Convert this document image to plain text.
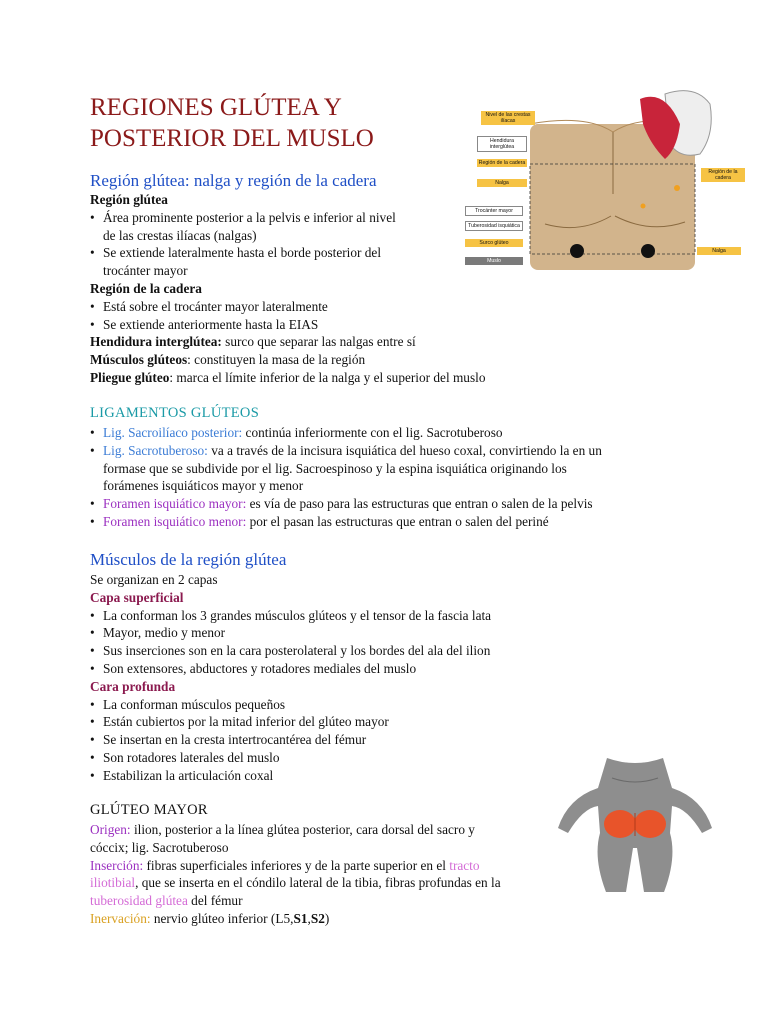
REGIONES GLÚTEA Y POSTERIOR DEL MUSLO
Nivel de las crestas ilíacas
Hendidura interglútea
Región de la cadera
Nalga
Trocánter mayor
Tuberosidad isquiática
Surco glúteo
Muslo
Región de la cadera
Nalga
Región glútea: nalga y región de la cadera
Región glútea
• Área prominente posterior a la pelvis e inferior al nivel
de las crestas ilíacas (nalgas)
• Se extiende lateralmente hasta el borde posterior del
trocánter mayor
Región de la cadera
• Está sobre el trocánter mayor lateralmente
• Se extiende anteriormente hasta la EIAS
Hendidura interglútea: surco que separar las nalgas entre sí
Músculos glúteos: constituyen la masa de la región
Pliegue glúteo: marca el límite inferior de la nalga y el superior del muslo
LIGAMENTOS GLÚTEOS
• Lig. Sacroilíaco posterior: continúa inferiormente con el lig. Sacrotuberoso
• Lig. Sacrotuberoso: va a través de la incisura isquiática del hueso coxal, convirtiendo la en un
formase que se subdivide por el lig. Sacroespinoso y la espina isquiática originando los
forámenes isquiáticos mayor y menor
• Foramen isquiático mayor: es vía de paso para las estructuras que entran o salen de la pelvis
• Foramen isquiático menor: por el pasan las estructuras que entran o salen del periné
Músculos de la región glútea
Se organizan en 2 capas
Capa superficial
• La conforman los 3 grandes músculos glúteos y el tensor de la fascia lata
• Mayor, medio y menor
• Sus inserciones son en la cara posterolateral y los bordes del ala del ilion
• Son extensores, abductores y rotadores mediales del muslo
Cara profunda
• La conforman músculos pequeños
• Están cubiertos por la mitad inferior del glúteo mayor
• Se insertan en la cresta intertrocantérea del fémur
• Son rotadores laterales del muslo
• Estabilizan la articulación coxal
GLÚTEO MAYOR
Origen: ilion, posterior a la línea glútea posterior, cara dorsal del sacro y
cóccix; lig. Sacrotuberoso
Inserción: fibras superficiales inferiores y de la parte superior en el tracto
iliotibial, que se inserta en el cóndilo lateral de la tibia, fibras profundas en la
tuberosidad glútea del fémur
Inervación: nervio glúteo inferior (L5,S1,S2)
